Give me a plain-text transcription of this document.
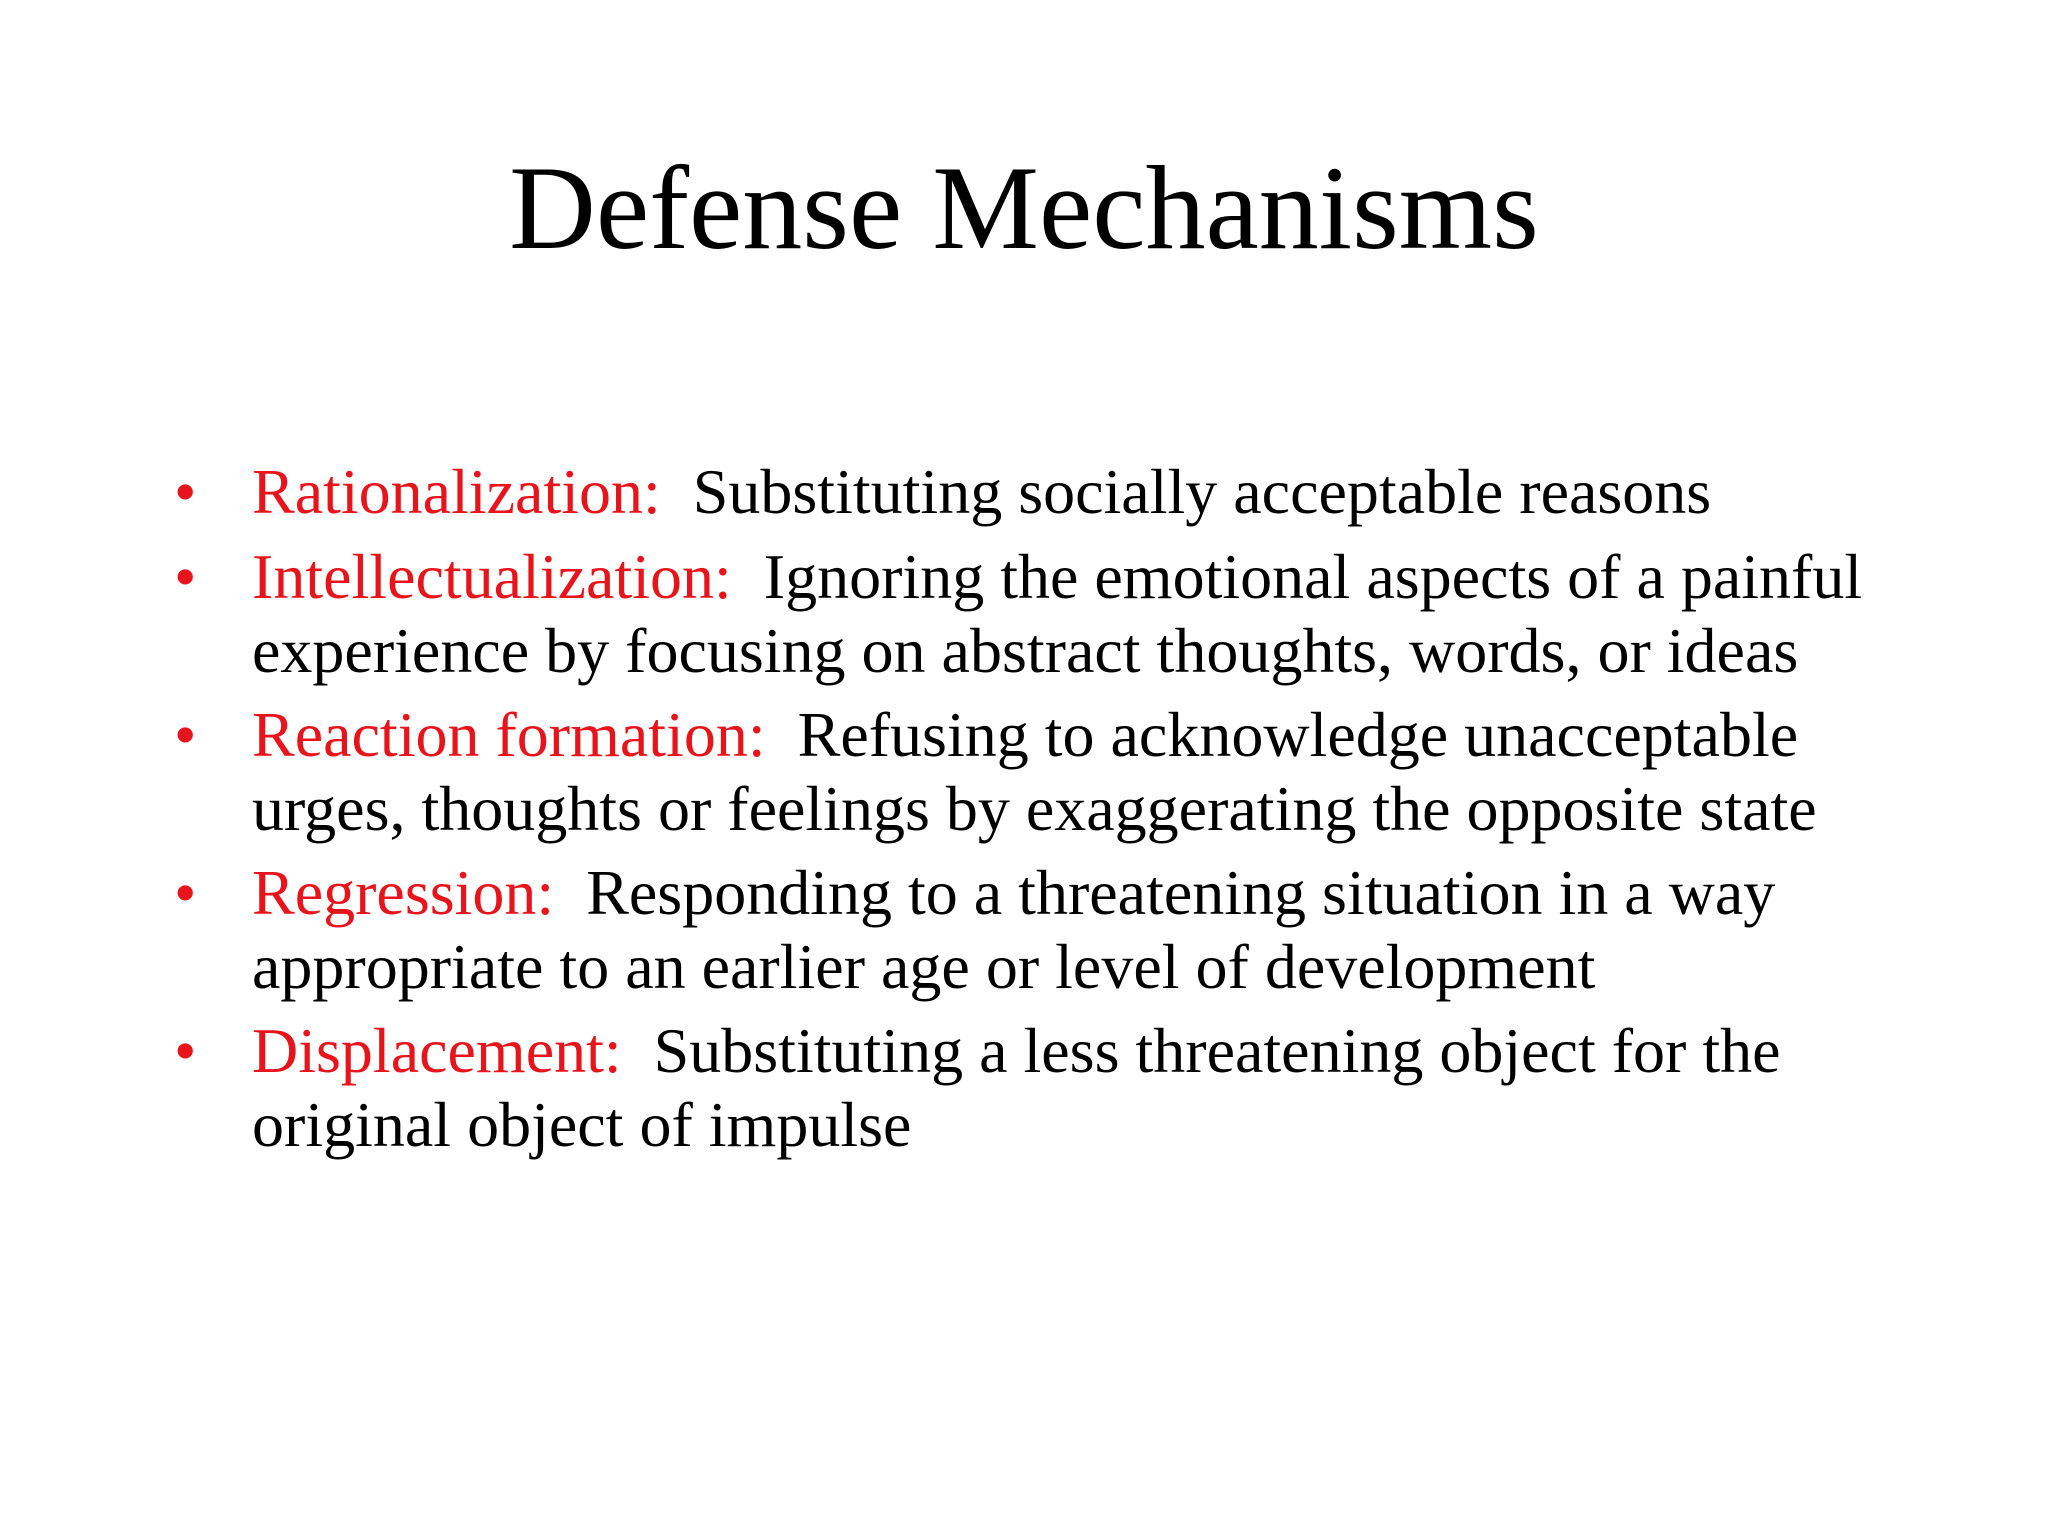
Defense Mechanisms
• Rationalization: Substituting socially acceptable reasons
• Intellectualization: Ignoring the emotional aspects of a painful experience by focusing on abstract thoughts, words, or ideas
• Reaction formation: Refusing to acknowledge unacceptable urges, thoughts or feelings by exaggerating the opposite state
• Regression: Responding to a threatening situation in a way appropriate to an earlier age or level of development
• Displacement: Substituting a less threatening object for the original object of impulse
